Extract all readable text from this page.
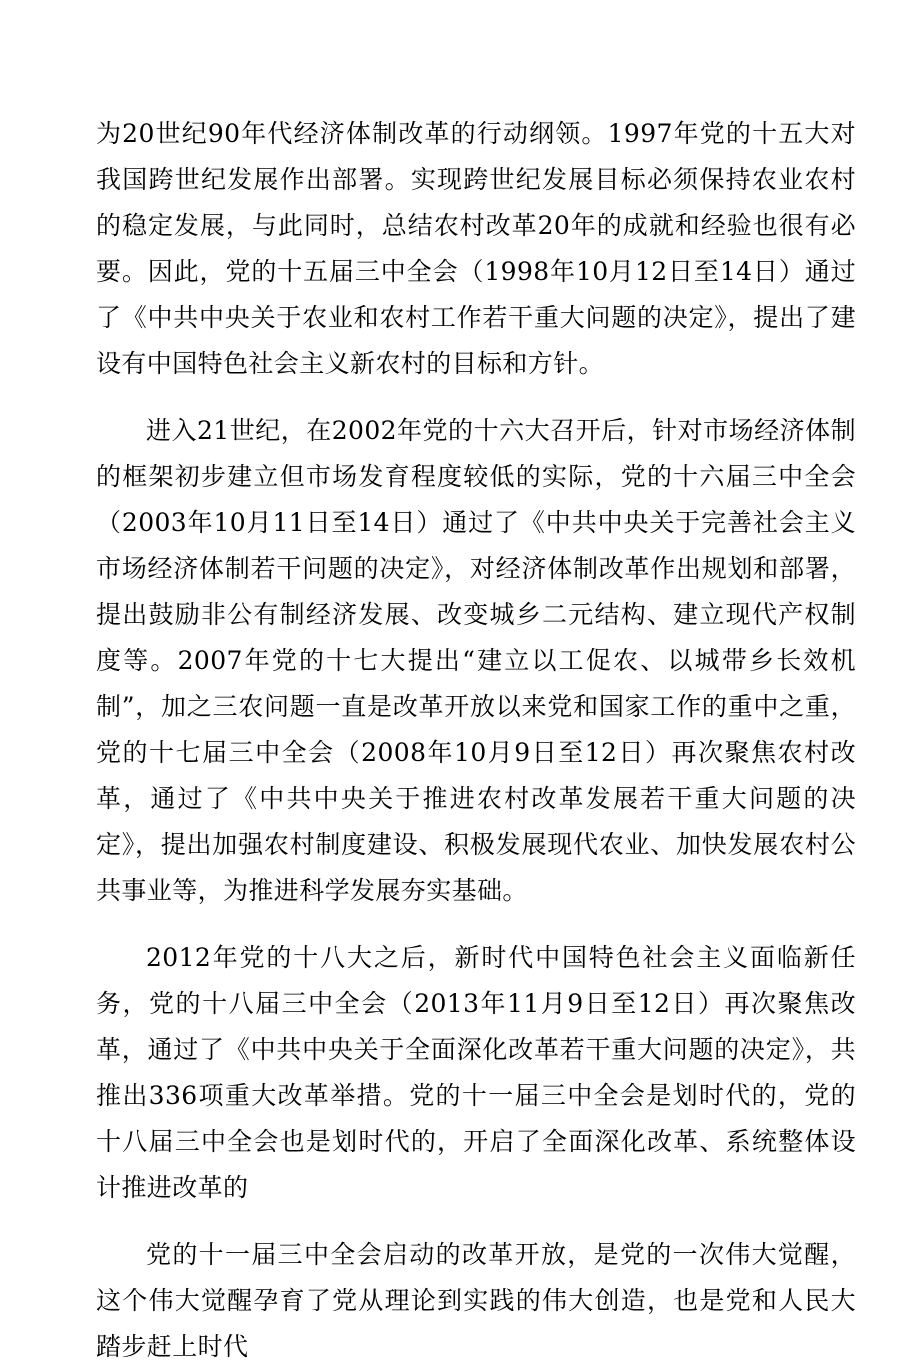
为20世纪90年代经济体制改革的行动纲领。1997年党的十五大对我国跨世纪发展作出部署。实现跨世纪发展目标必须保持农业农村的稳定发展，与此同时，总结农村改革20年的成就和经验也很有必要。因此，党的十五届三中全会（1998年10月12日至14日）通过了《中共中央关于农业和农村工作若干重大问题的决定》，提出了建设有中国特色社会主义新农村的目标和方针。

进入21世纪，在2002年党的十六大召开后，针对市场经济体制的框架初步建立但市场发育程度较低的实际，党的十六届三中全会（2003年10月11日至14日）通过了《中共中央关于完善社会主义市场经济体制若干问题的决定》，对经济体制改革作出规划和部署，提出鼓励非公有制经济发展、改变城乡二元结构、建立现代产权制度等。2007年党的十七大提出“建立以工促农、以城带乡长效机制”，加之三农问题一直是改革开放以来党和国家工作的重中之重，党的十七届三中全会（2008年10月9日至12日）再次聚焦农村改革，通过了《中共中央关于推进农村改革发展若干重大问题的决定》，提出加强农村制度建设、积极发展现代农业、加快发展农村公共事业等，为推进科学发展夯实基础。

2012年党的十八大之后，新时代中国特色社会主义面临新任务，党的十八届三中全会（2013年11月9日至12日）再次聚焦改革，通过了《中共中央关于全面深化改革若干重大问题的决定》，共推出336项重大改革举措。党的十一届三中全会是划时代的，党的十八届三中全会也是划时代的，开启了全面深化改革、系统整体设计推进改革的

党的十一届三中全会启动的改革开放，是党的一次伟大觉醒，这个伟大觉醒孕育了党从理论到实践的伟大创造，也是党和人民大踏步赶上时代
